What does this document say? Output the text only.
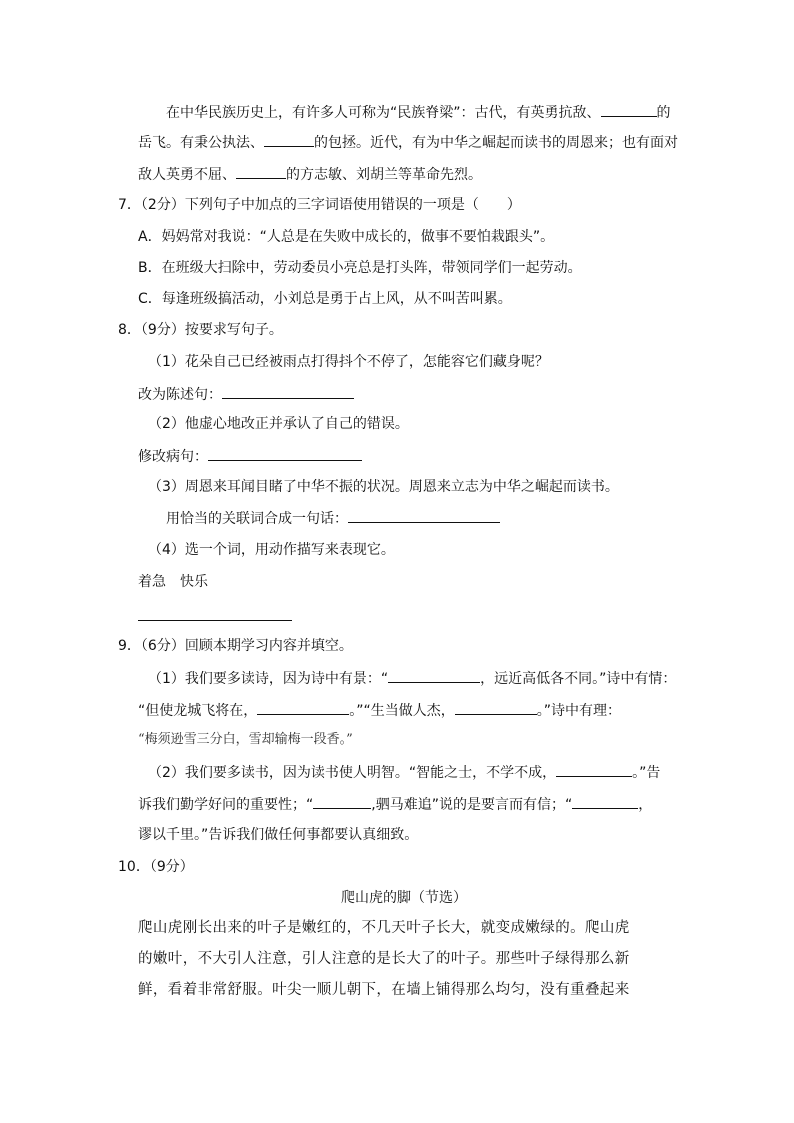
在中华民族历史上，有许多人可称为“民族脊梁”：古代，有英勇抗敌、	的
岳飞。有秉公执法、	的包拯。近代，有为中华之崛起而读书的周恩来；也有面对
敌人英勇不屈、	的方志敏、刘胡兰等革命先烈。
7．（2分）下列句子中加点的三字词语使用错误的一项是（　　）
A．妈妈常对我说：“人总是在失败中成长的，做事不要怕栽跟头”。
B．在班级大扫除中，劳动委员小亮总是打头阵，带领同学们一起劳动。
C．每逢班级搞活动，小刘总是勇于占上风，从不叫苦叫累。
8．（9分）按要求写句子。
（1）花朵自己已经被雨点打得抖个不停了，怎能容它们藏身呢？
改为陈述句：
（2）他虚心地改正并承认了自己的错误。
修改病句：
（3）周恩来耳闻目睹了中华不振的状况。周恩来立志为中华之崛起而读书。
用恰当的关联词合成一句话：
（4）选一个词，用动作描写来表现它。
着急　快乐
9．（6分）回顾本期学习内容并填空。
（1）我们要多读诗，因为诗中有景：“	，远近高低各不同。”诗中有情：
“但使龙城飞将在，	。”“生当做人杰，	。”诗中有理：
“梅须逊雪三分白，雪却输梅一段香。”
（2）我们要多读书，因为读书使人明智。“智能之士，不学不成，	。”告
诉我们勤学好问的重要性；“	,驷马难追”说的是要言而有信；“	，
谬以千里。”告诉我们做任何事都要认真细致。
10．（9分）
爬山虎的脚（节选）
爬山虎刚长出来的叶子是嫩红的，不几天叶子长大，就变成嫩绿的。爬山虎
的嫩叶，不大引人注意，引人注意的是长大了的叶子。那些叶子绿得那么新
鲜，看着非常舒服。叶尖一顺儿朝下，在墙上铺得那么均匀，没有重叠起来
